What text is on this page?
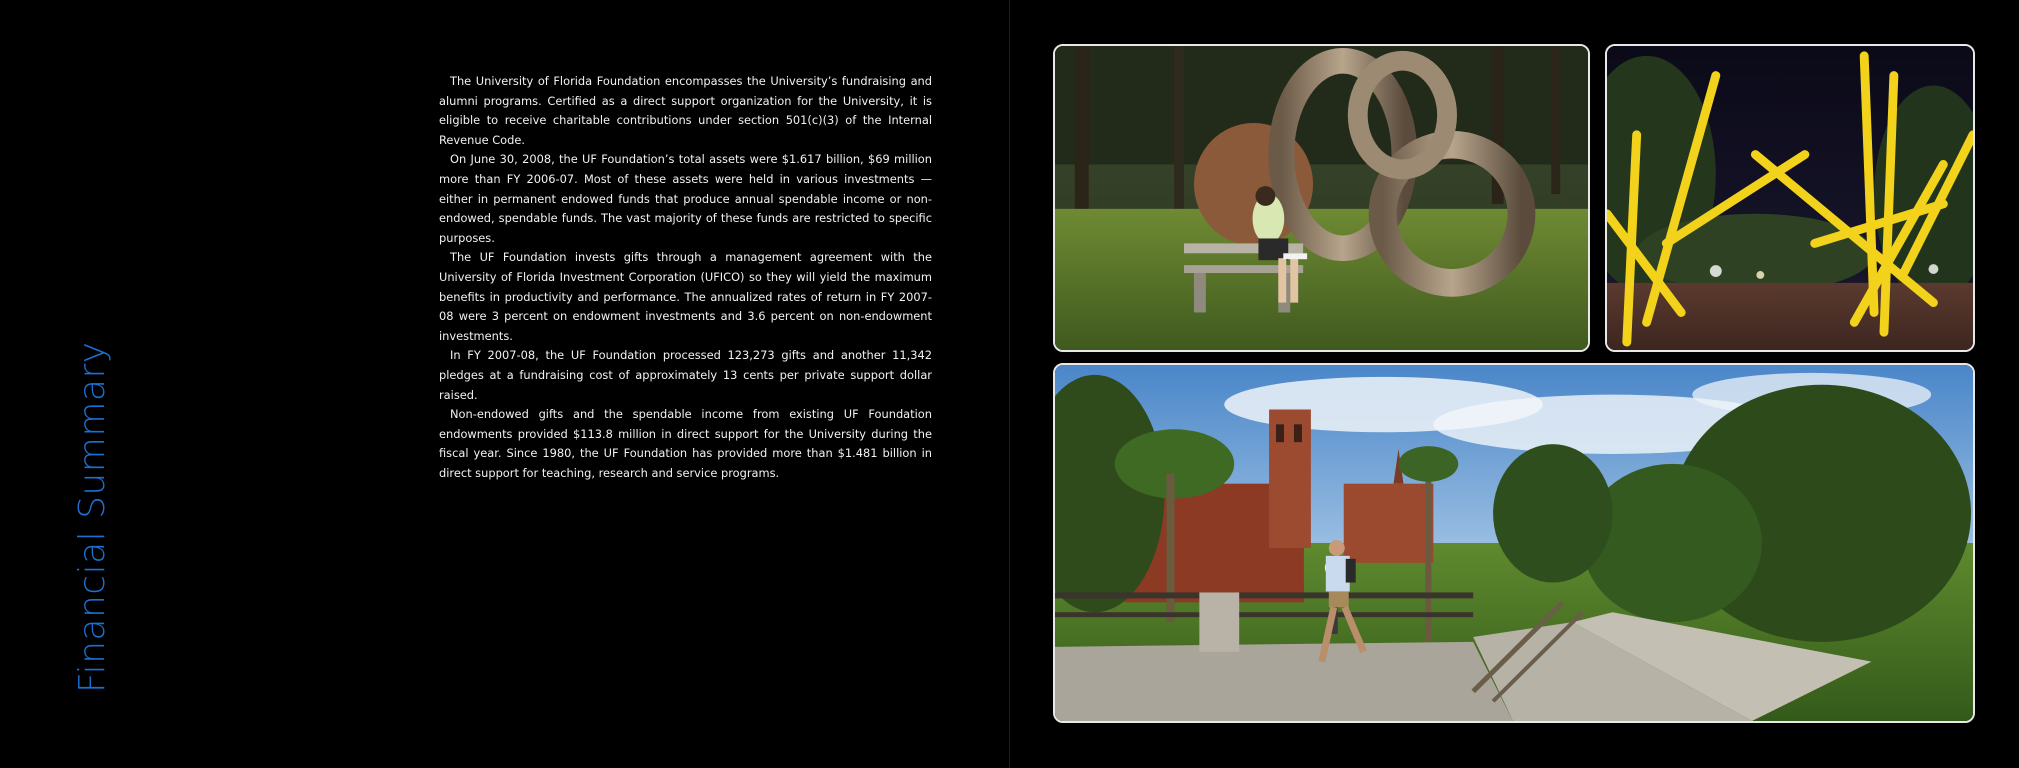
Financial Summary

The University of Florida Foundation encompasses the University’s fundraising and alumni programs. Certified as a direct support organization for the University, it is eligible to receive charitable contributions under section 501(c)(3) of the Internal Revenue Code.

On June 30, 2008, the UF Foundation’s total assets were $1.617 billion, $69 million more than FY 2006-07. Most of these assets were held in various investments — either in permanent endowed funds that produce annual spendable income or non-endowed, spendable funds. The vast majority of these funds are restricted to specific purposes.

The UF Foundation invests gifts through a management agreement with the University of Florida Investment Corporation (UFICO) so they will yield the maximum benefits in productivity and performance. The annualized rates of return in FY 2007-08 were 3 percent on endowment investments and 3.6 percent on non-endowment investments.

In FY 2007-08, the UF Foundation processed 123,273 gifts and another 11,342 pledges at a fundraising cost of approximately 13 cents per private support dollar raised.

Non-endowed gifts and the spendable income from existing UF Foundation endowments provided $113.8 million in direct support for the University during the fiscal year. Since 1980, the UF Foundation has provided more than $1.481 billion in direct support for teaching, research and service programs.
